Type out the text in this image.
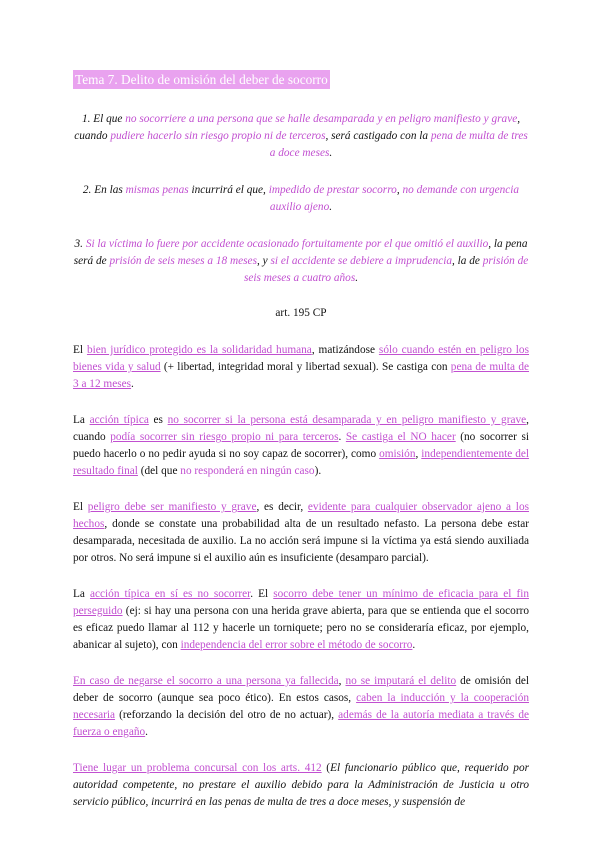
Tema 7. Delito de omisión del deber de socorro

1. El que no socorriere a una persona que se halle desamparada y en peligro manifiesto y grave, cuando pudiere hacerlo sin riesgo propio ni de terceros, será castigado con la pena de multa de tres a doce meses.

2. En las mismas penas incurrirá el que, impedido de prestar socorro, no demande con urgencia auxilio ajeno.

3. Si la víctima lo fuere por accidente ocasionado fortuitamente por el que omitió el auxilio, la pena será de prisión de seis meses a 18 meses, y si el accidente se debiere a imprudencia, la de prisión de seis meses a cuatro años.

art. 195 CP

El bien jurídico protegido es la solidaridad humana, matizándose sólo cuando estén en peligro los bienes vida y salud (+ libertad, integridad moral y libertad sexual). Se castiga con pena de multa de 3 a 12 meses.

La acción típica es no socorrer si la persona está desamparada y en peligro manifiesto y grave, cuando podía socorrer sin riesgo propio ni para terceros. Se castiga el NO hacer (no socorrer si puedo hacerlo o no pedir ayuda si no soy capaz de socorrer), como omisión, independientemente del resultado final (del que no responderá en ningún caso).

El peligro debe ser manifiesto y grave, es decir, evidente para cualquier observador ajeno a los hechos, donde se constate una probabilidad alta de un resultado nefasto. La persona debe estar desamparada, necesitada de auxilio. La no acción será impune si la víctima ya está siendo auxiliada por otros. No será impune si el auxilio aún es insuficiente (desamparo parcial).

La acción típica en sí es no socorrer. El socorro debe tener un mínimo de eficacia para el fin perseguido (ej: si hay una persona con una herida grave abierta, para que se entienda que el socorro es eficaz puedo llamar al 112 y hacerle un torniquete; pero no se consideraría eficaz, por ejemplo, abanicar al sujeto), con independencia del error sobre el método de socorro.

En caso de negarse el socorro a una persona ya fallecida, no se imputará el delito de omisión del deber de socorro (aunque sea poco ético). En estos casos, caben la inducción y la cooperación necesaria (reforzando la decisión del otro de no actuar), además de la autoría mediata a través de fuerza o engaño.

Tiene lugar un problema concursal con los arts. 412 (El funcionario público que, requerido por autoridad competente, no prestare el auxilio debido para la Administración de Justicia u otro servicio público, incurrirá en las penas de multa de tres a doce meses, y suspensión de
